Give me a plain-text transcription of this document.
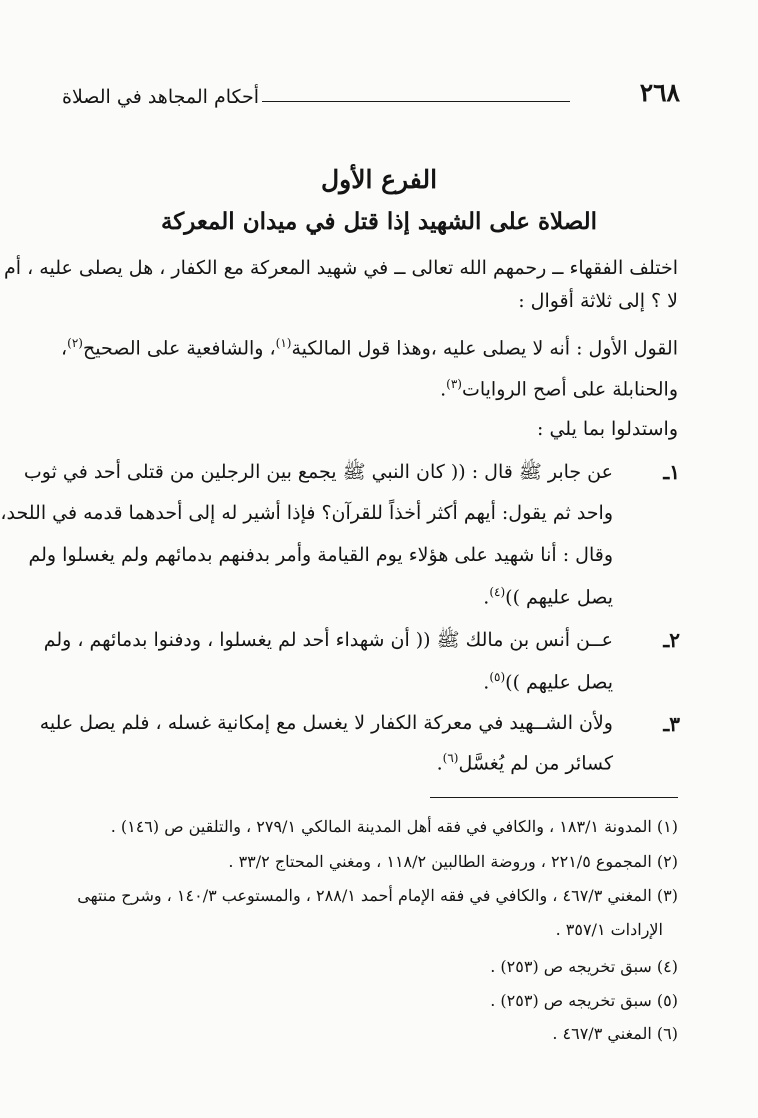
٢٦٨
أحكام المجاهد في الصلاة
الفرع الأول
الصلاة على الشهيد إذا قتل في ميدان المعركة
اختلف الفقهاء ــ رحمهم الله تعالى ــ في شهيد المعركة مع الكفار ، هل يصلى عليه ، أم
لا ؟ إلى ثلاثة أقوال :
القول الأول : أنه لا يصلى عليه ،وهذا قول المالكية$^{(١)}$، والشافعية على الصحيح$^{(٢)}$،
والحنابلة على أصح الروايات$^{(٣)}$.
واستدلوا بما يلي :
١ـ
عن جابر ﷺ قال : (( كان النبي ﷺ يجمع بين الرجلين من قتلى أحد في ثوب
واحد ثم يقول: أيهم أكثر أخذاً للقرآن؟ فإذا أشير له إلى أحدهما قدمه في اللحد،
وقال : أنا شهيد على هؤلاء يوم القيامة وأمر بدفنهم بدمائهم ولم يغسلوا ولم
يصل عليهم ))$^{(٤)}$.
٢ـ
عــن أنس بن مالك ﷺ (( أن شهداء أحد لم يغسلوا ، ودفنوا بدمائهم ، ولم
يصل عليهم ))$^{(٥)}$.
٣ـ
ولأن الشــهيد في معركة الكفار لا يغسل مع إمكانية غسله ، فلم يصل عليه
كسائر من لم يُغسَّل$^{(٦)}$.
(١) المدونة ١٨٣/١ ، والكافي في فقه أهل المدينة المالكي ٢٧٩/١ ، والتلقين ص (١٤٦) .
(٢) المجموع ٢٢١/٥ ، وروضة الطالبين ١١٨/٢ ، ومغني المحتاج ٣٣/٢ .
(٣) المغني ٤٦٧/٣ ، والكافي في فقه الإمام أحمد ٢٨٨/١ ، والمستوعب ١٤٠/٣ ، وشرح منتهى
الإرادات ٣٥٧/١ .
(٤) سبق تخريجه ص (٢٥٣) .
(٥) سبق تخريجه ص (٢٥٣) .
(٦) المغني ٤٦٧/٣ .
